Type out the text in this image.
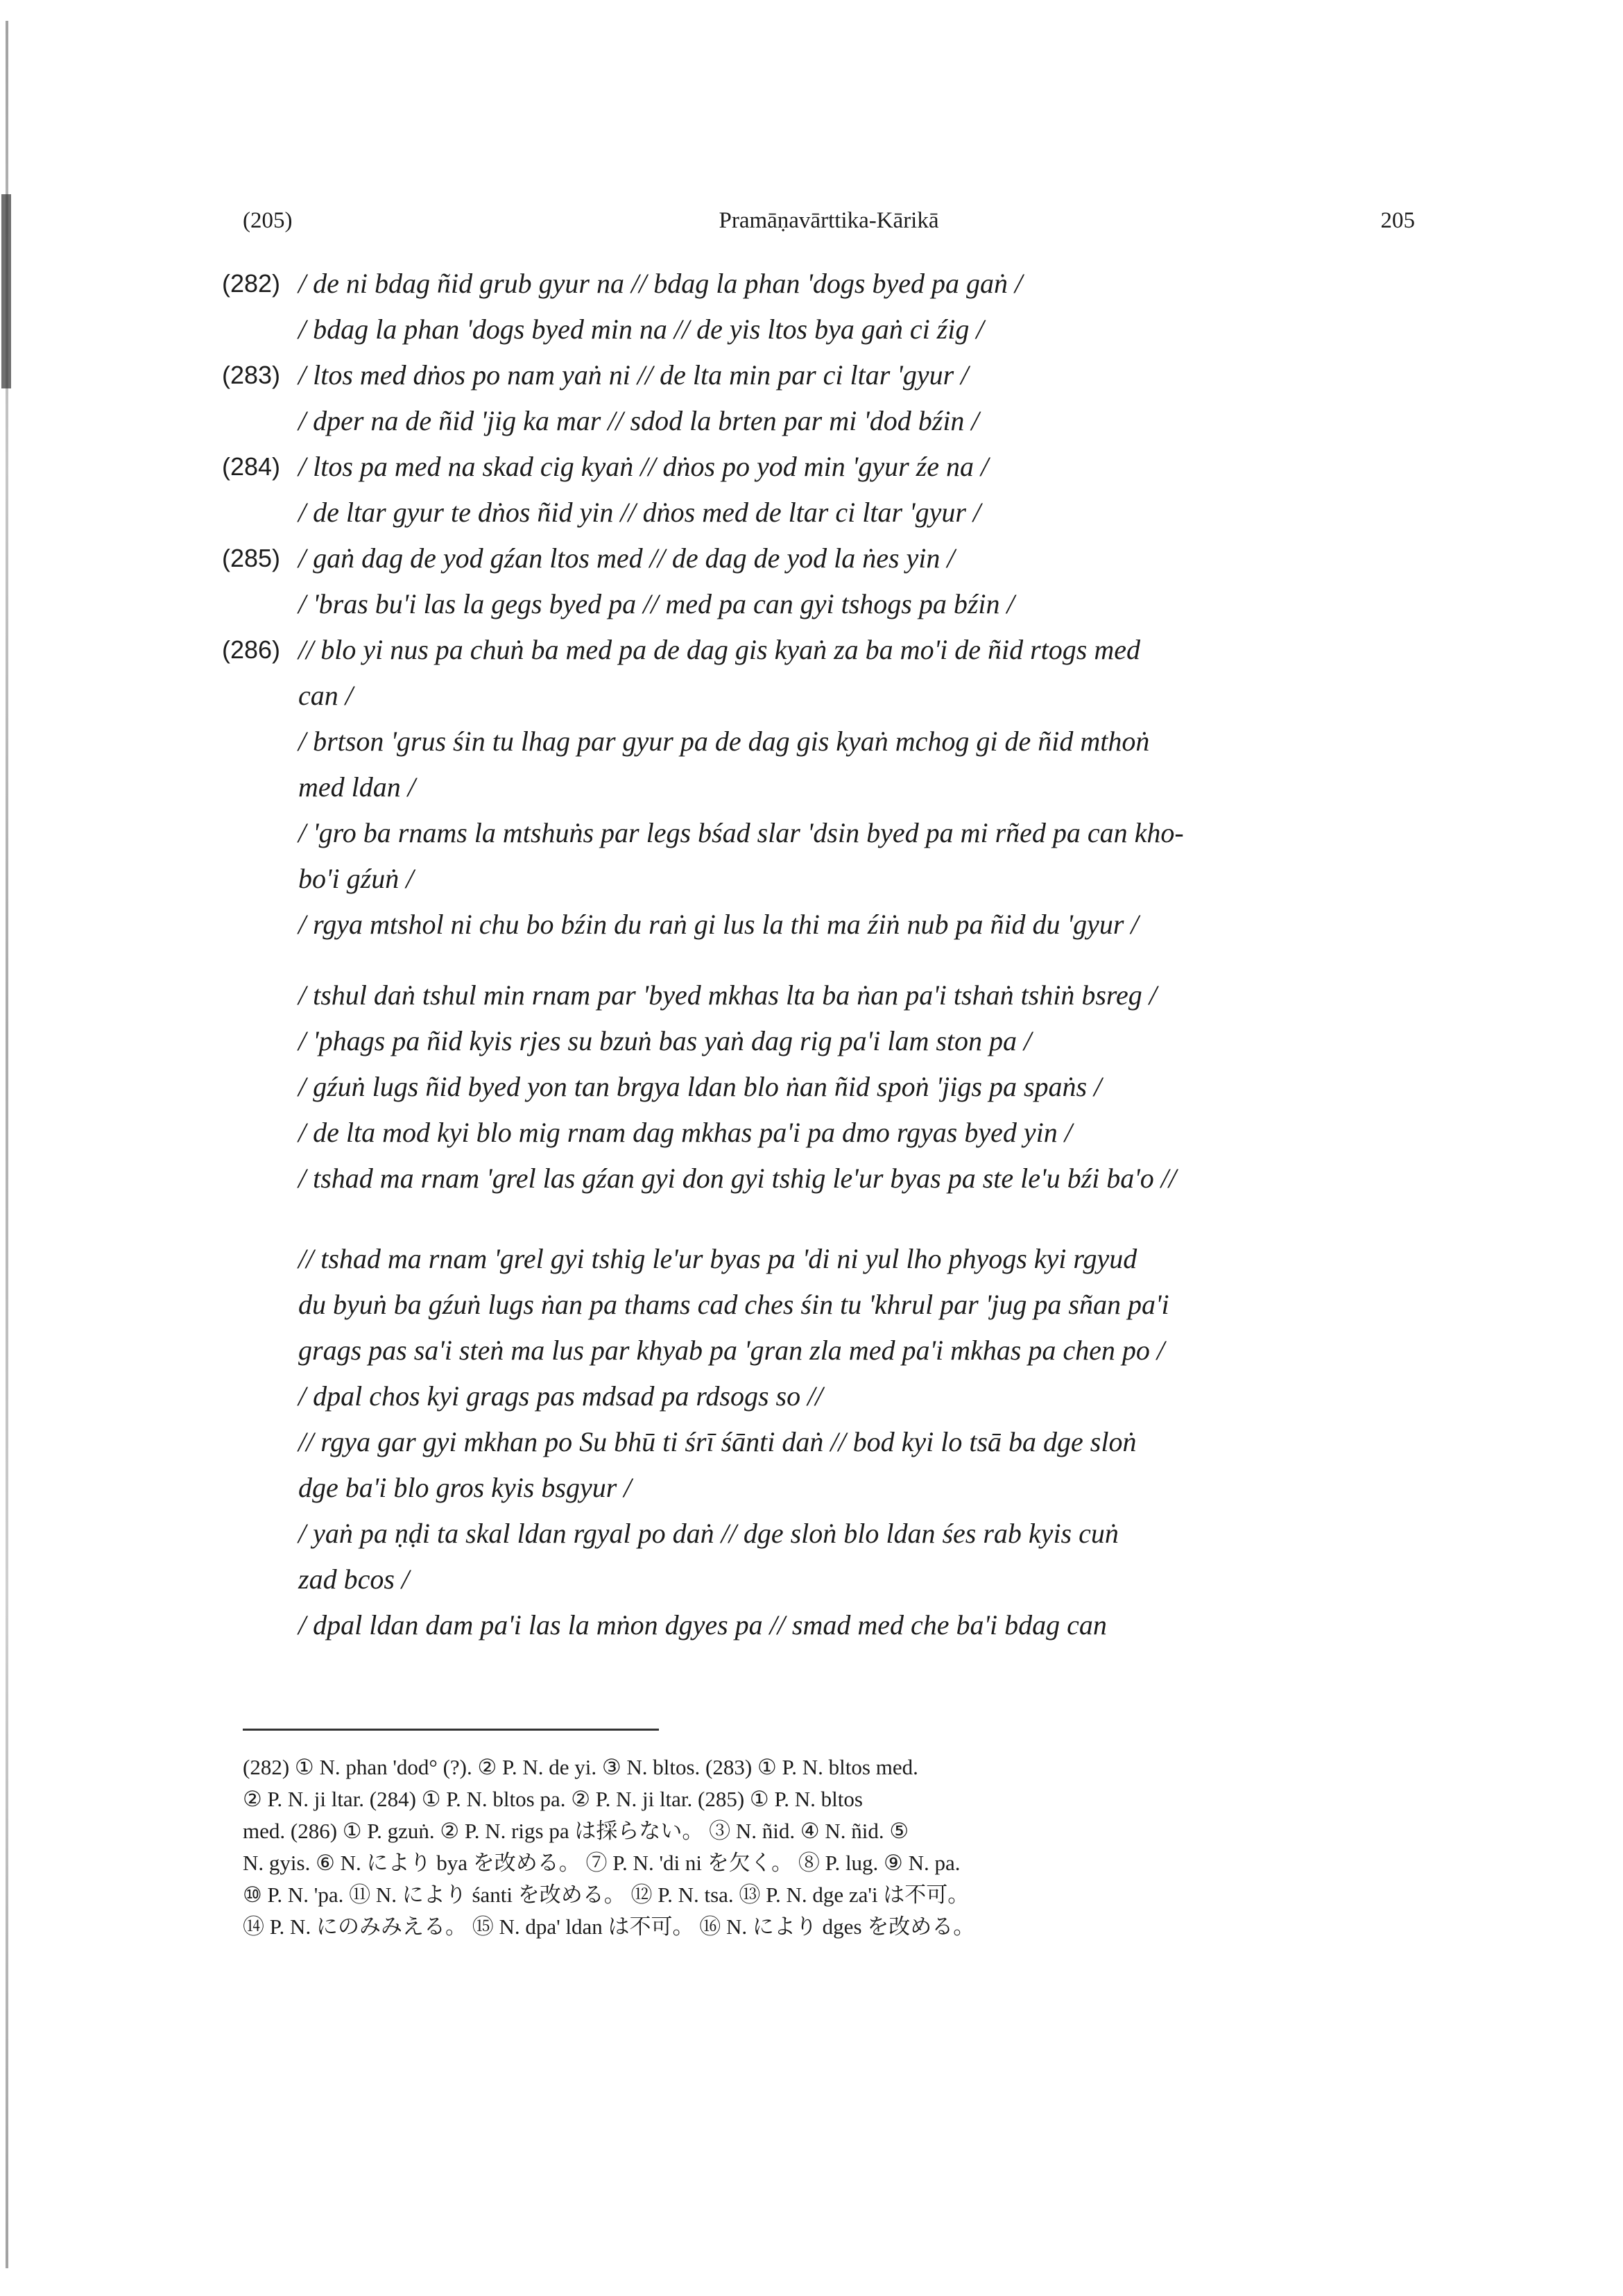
(205)	Pramāṇavārttika-Kārikā	205
(282) / de ni bdag ñid grub gyur na // bdag la phan 'dogs byed pa gaṅ /
/ bdag la phan 'dogs byed min na // de yis ltos bya gaṅ ci źig /
(283) / ltos med dṅos po nam yaṅ ni // de lta min par ci ltar 'gyur /
/ dper na de ñid 'jig ka mar // sdod la brten par mi 'dod bźin /
(284) / ltos pa med na skad cig kyaṅ // dṅos po yod min 'gyur źe na /
/ de ltar gyur te dṅos ñid yin // dṅos med de ltar ci ltar 'gyur /
(285) / gaṅ dag de yod gźan ltos med // de dag de yod la ṅes yin /
/ 'bras bu'i las la gegs byed pa // med pa can gyi tshogs pa bźin /
(286) // blo yi nus pa chuṅ ba med pa de dag gis kyaṅ za ba mo'i de ñid rtogs med
can /
/ brtson 'grus śin tu lhag par gyur pa de dag gis kyaṅ mchog gi de ñid mthoṅ
med ldan /
/ 'gro ba rnams la mtshuṅs par legs bśad slar 'dsin byed pa mi rñed pa can kho-
bo'i gźuṅ /
/ rgya mtshol ni chu bo bźin du raṅ gi lus la thi ma źiṅ nub pa ñid du 'gyur /
/ tshul daṅ tshul min rnam par 'byed mkhas lta ba ṅan pa'i tshaṅ tshiṅ bsreg /
/ 'phags pa ñid kyis rjes su bzuṅ bas yaṅ dag rig pa'i lam ston pa /
/ gźuṅ lugs ñid byed yon tan brgya ldan blo ṅan ñid spoṅ 'jigs pa spaṅs /
/ de lta mod kyi blo mig rnam dag mkhas pa'i pa dmo rgyas byed yin /
/ tshad ma rnam 'grel las gźan gyi don gyi tshig le'ur byas pa ste le'u bźi ba'o //
// tshad ma rnam 'grel gyi tshig le'ur byas pa 'di ni yul lho phyogs kyi rgyud
du byuṅ ba gźuṅ lugs ṅan pa thams cad ches śin tu 'khrul par 'jug pa sñan pa'i
grags pas sa'i steṅ ma lus par khyab pa 'gran zla med pa'i mkhas pa chen po /
/ dpal chos kyi grags pas mdsad pa rdsogs so //
// rgya gar gyi mkhan po Su bhū ti śrī śānti daṅ // bod kyi lo tsā ba dge sloṅ
dge ba'i blo gros kyis bsgyur /
/ yaṅ pa ṇḍi ta skal ldan rgyal po daṅ // dge sloṅ blo ldan śes rab kyis cuṅ
zad bcos /
/ dpal ldan dam pa'i las la mṅon dgyes pa // smad med che ba'i bdag can
(282) ① N. phan 'dod° (?). ② P. N. de yi. ③ N. bltos. (283) ① P. N. bltos med.
② P. N. ji ltar. (284) ① P. N. bltos pa. ② P. N. ji ltar. (285) ① P. N. bltos
med. (286) ① P. gzuṅ. ② P. N. rigs pa は採らない。 ③ N. ñid. ④ N. ñid. ⑤
N. gyis. ⑥ N. により bya を改める。 ⑦ P. N. 'di ni を欠く。 ⑧ P. lug. ⑨ N. pa.
⑩ P. N. 'pa. ⑪ N. により śanti を改める。 ⑫ P. N. tsa. ⑬ P. N. dge za'i は不可。
⑭ P. N. にのみみえる。 ⑮ N. dpa' ldan は不可。 ⑯ N. により dges を改める。
